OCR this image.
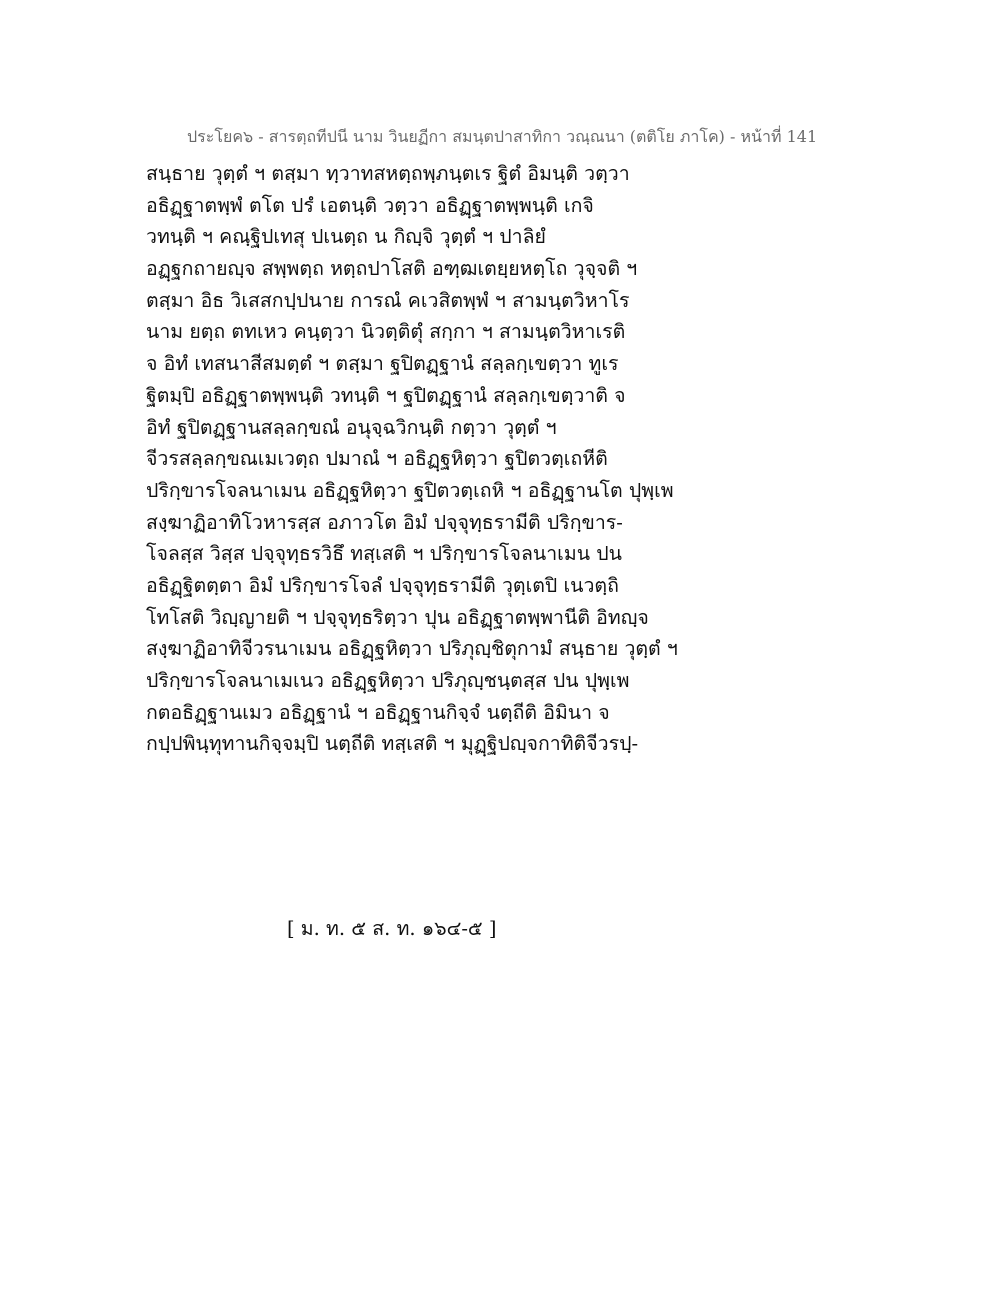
ประโยค๖ - สารตฺถทีปนี นาม วินยฏีกา สมนฺตปาสาทิกา วณฺณนา (ตติโย ภาโค) - หน้าที่ 141
สนฺธาย วุตฺตํ ฯ ตสฺมา ทฺวาทสหตฺถพฺภนฺตเร ฐิตํ อิมนฺติ วตฺวา
อธิฏฺฐาตพฺพํ ตโต ปรํ เอตนฺติ วตฺวา อธิฏฺฐาตพฺพนฺติ เกจิ
วทนฺติ ฯ คณฺฐิปเทสุ ปเนตฺถ น กิญฺจิ วุตฺตํ ฯ ปาลิยํ
อฏฺฐกถายญฺจ สพฺพตฺถ หตฺถปาโสติ อฑฺฒเตยฺยหตฺโถ วุจฺจติ ฯ
ตสฺมา อิธ วิเสสกปฺปนาย การณํ คเวสิตพฺพํ ฯ สามนฺตวิหาโร
นาม ยตฺถ ตทเหว คนฺตฺวา นิวตฺติตุํ สกฺกา ฯ สามนฺตวิหาเรติ
จ อิทํ เทสนาสีสมตฺตํ ฯ ตสฺมา ฐปิตฏฺฐานํ สลฺลกฺเขตฺวา ทูเร
ฐิตมฺปิ อธิฏฺฐาตพฺพนฺติ วทนฺติ ฯ ฐปิตฏฺฐานํ สลฺลกฺเขตฺวาติ จ
อิทํ ฐปิตฏฺฐานสลฺลกฺขณํ อนุจฺฉวิกนฺติ กตฺวา วุตฺตํ ฯ
จีวรสลฺลกฺขณเมเวตฺถ ปมาณํ ฯ อธิฏฺฐหิตฺวา ฐปิตวตฺเถหีติ
ปริกฺขารโจลนาเมน อธิฏฺฐหิตฺวา ฐปิตวตฺเถหิ ฯ อธิฏฺฐานโต ปุพฺเพ
สงฺฆาฏิอาทิโวหารสฺส อภาวโต อิมํ ปจฺจุทฺธรามีติ ปริกฺขาร-
โจลสฺส วิสฺส ปจฺจุทฺธรวิธึ ทสฺเสติ ฯ ปริกฺขารโจลนาเมน ปน
อธิฏฺฐิตตฺตา อิมํ ปริกฺขารโจลํ ปจฺจุทฺธรามีติ วุตฺเตปิ เนวตฺถิ
โทโสติ วิญฺญายติ ฯ ปจฺจุทฺธริตฺวา ปุน อธิฏฺฐาตพฺพานีติ อิทญฺจ
สงฺฆาฏิอาทิจีวรนาเมน อธิฏฺฐหิตฺวา ปริภุญฺชิตุกามํ สนฺธาย วุตฺตํ ฯ
ปริกฺขารโจลนาเมเนว อธิฏฺฐหิตฺวา ปริภุญฺชนฺตสฺส ปน ปุพฺเพ
กตอธิฏฺฐานเมว อธิฏฺฐานํ ฯ อธิฏฺฐานกิจฺจํ นตฺถีติ อิมินา จ
กปฺปพินฺทุทานกิจฺจมฺปิ นตฺถีติ ทสฺเสติ ฯ มุฏฺฐิปญฺจกาทิติจีวรปฺ-
[ ม. ท. ๕ ส. ท. ๑๖๔-๕ ]
